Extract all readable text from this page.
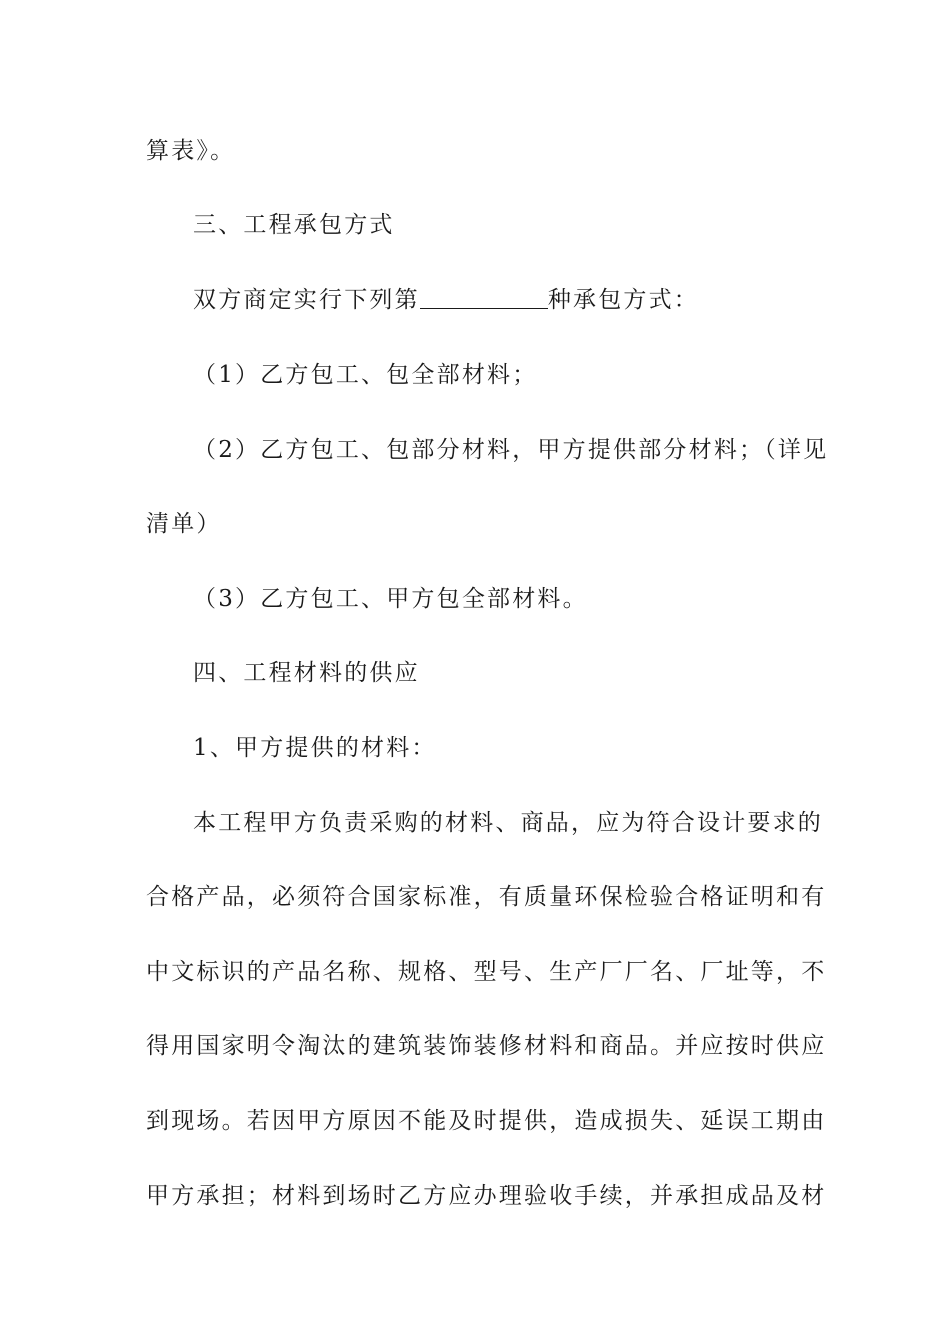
算表》。
三、工程承包方式
双方商定实行下列第	种承包方式：
（1）乙方包工、包全部材料；
（2）乙方包工、包部分材料，甲方提供部分材料；（详见
清单）
（3）乙方包工、甲方包全部材料。
四、工程材料的供应
1、甲方提供的材料：
本工程甲方负责采购的材料、商品，应为符合设计要求的
合格产品，必须符合国家标准，有质量环保检验合格证明和有
中文标识的产品名称、规格、型号、生产厂厂名、厂址等，不
得用国家明令淘汰的建筑装饰装修材料和商品。并应按时供应
到现场。若因甲方原因不能及时提供，造成损失、延误工期由
甲方承担；材料到场时乙方应办理验收手续，并承担成品及材
